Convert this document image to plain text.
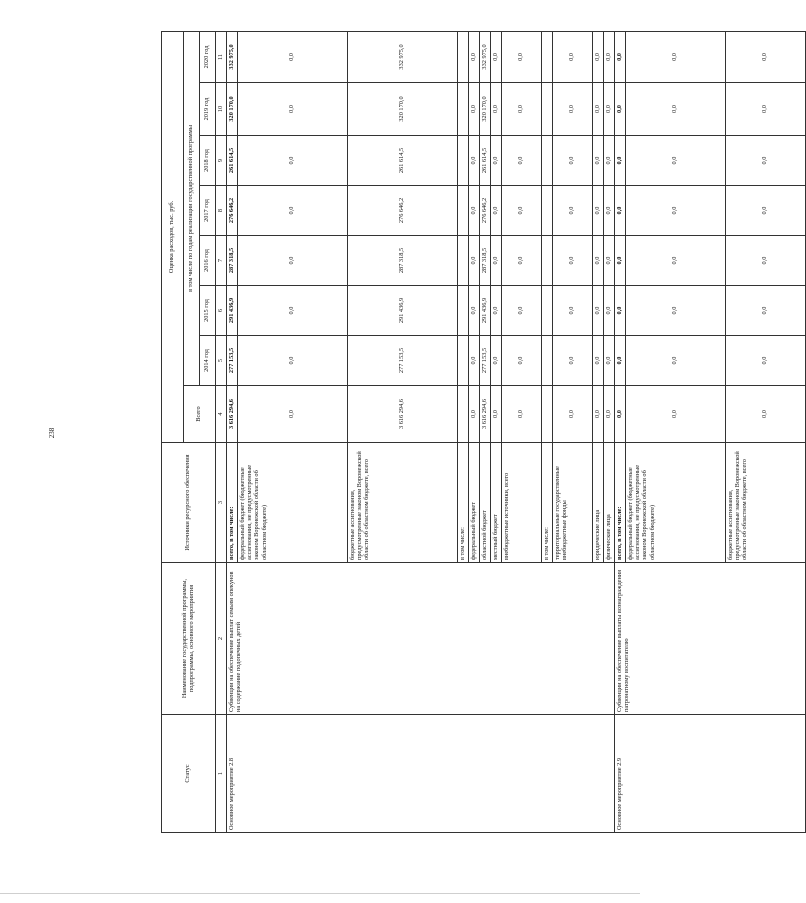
238

Статус	Наименование государственной программы, подпрограммы, основного мероприятия	Источники ресурсного обеспечения	Оценка расходов, тыс. руб.							
			Всего	в том числе по годам реализации государственной программы						
				2014 год	2015 год	2016 год	2017 год	2018 год	2019 год	2020 год
1	2	3	4	5	6	7	8	9	10	11
Основное мероприятие 2.8	Субвенции на обеспечение выплат семьям опекунов на содержание подопечных детей	всего, в том числе:	3 616 294,6	277 153,5	291 436,9	287 318,5	276 646,2	261 614,5	320 170,0	332 975,0
		федеральный бюджет (бюджетные ассигнования, не предусмотренные законом Воронежской области об областном бюджете)	0,0	0,0	0,0	0,0	0,0	0,0	0,0	0,0
		бюджетные ассигнования, предусмотренные законом Воронежской области об областном бюджете, всего	3 616 294,6	277 153,5	291 436,9	287 318,5	276 646,2	261 614,5	320 170,0	332 975,0
		в том числе:								
		федеральный бюджет	0,0	0,0	0,0	0,0	0,0	0,0	0,0	0,0
		областной бюджет	3 616 294,6	277 153,5	291 436,9	287 318,5	276 646,2	261 614,5	320 170,0	332 975,0
		местный бюджет	0,0	0,0	0,0	0,0	0,0	0,0	0,0	0,0
		внебюджетные источники, всего	0,0	0,0	0,0	0,0	0,0	0,0	0,0	0,0
		в том числе:								
		территориальные государственные внебюджетные фонды	0,0	0,0	0,0	0,0	0,0	0,0	0,0	0,0
		юридические лица	0,0	0,0	0,0	0,0	0,0	0,0	0,0	0,0
		физические лица	0,0	0,0	0,0	0,0	0,0	0,0	0,0	0,0
Основное мероприятие 2.9	Субвенции на обеспечение выплаты вознаграждения патронатному воспитателю	всего, в том числе:	0,0	0,0	0,0	0,0	0,0	0,0	0,0	0,0
		федеральный бюджет (бюджетные ассигнования, не предусмотренные законом Воронежской области об областном бюджете)	0,0	0,0	0,0	0,0	0,0	0,0	0,0	0,0
		бюджетные ассигнования, предусмотренные законом Воронежской области об областном бюджете, всего	0,0	0,0	0,0	0,0	0,0	0,0	0,0	0,0
